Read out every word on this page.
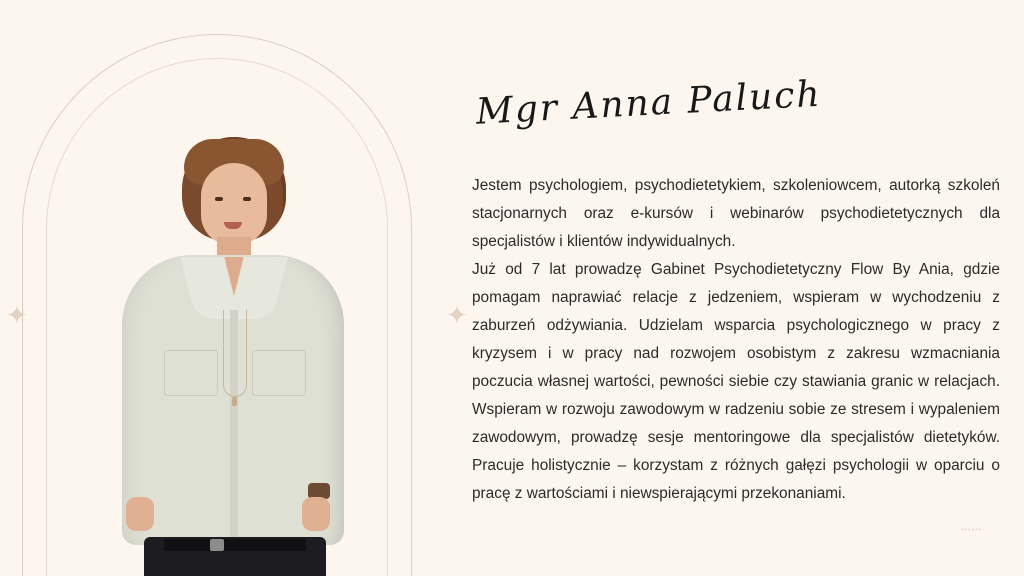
✦	✦
Mgr Anna Paluch

Jestem psychologiem, psychodietetykiem, szkoleniowcem, autorką szkoleń stacjonarnych oraz e-kursów i webinarów psychodietetycznych dla specjalistów i klientów indywidualnych.

Już od 7 lat prowadzę Gabinet Psychodietetyczny Flow By Ania, gdzie pomagam naprawiać relacje z jedzeniem, wspieram w wychodzeniu z zaburzeń odżywiania. Udzielam wsparcia psychologicznego w pracy z kryzysem i w pracy nad rozwojem osobistym z zakresu wzmacniania poczucia własnej wartości, pewności siebie czy stawiania granic w relacjach. Wspieram w rozwoju zawodowym w radzeniu sobie ze stresem i wypaleniem zawodowym, prowadzę sesje mentoringowe dla specjalistów dietetyków. Pracuje holistycznie – korzystam z różnych gałęzi psychologii w oparciu o pracę z wartościami i niewspierającymi przekonaniami.

••••••
